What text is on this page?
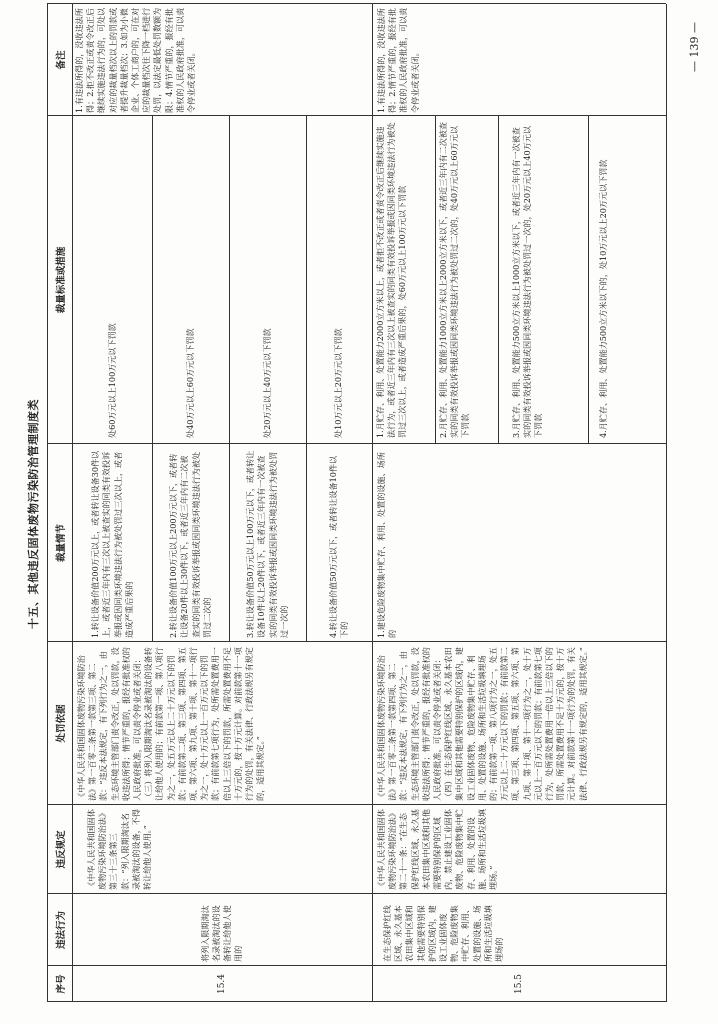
十五、其他违反固体废物污染防治管理制度类
序号
违法行为
违反规定
处罚依据
裁量情节
裁量标准或措施
备注
15.4
将列入限期淘汰名录被淘汰的设备转让给他人使用的
《中华人民共和国固体废物污染环境防治法》第三十三条第三款：“列入限期淘汰名录被淘汰的设备，不得转让给他人使用。”
《中华人民共和国固体废物污染环境防治法》第一百零二条第一款第三项、第二款：“违反本法规定，有下列行为之一，由生态环境主管部门责令改正，处以罚款，没收违法所得；情节严重的，报经有批准权的人民政府批准，可以责令停业或者关闭：（三）将列入限期淘汰名录被淘汰的设备转让给他人使用的；有前款第一项、第八项行为之一，处五万元以上二十万元以下的罚款；有前款第二项、第三项、第四项、第五项、第六项、第九项、第十项、第十一项行为之一，处十万元以上一百万元以下的罚款；有前款第七项行为，处所需处置费用一倍以上三倍以下的罚款，所需处置费用不足十万元的，按十万元计算。对前款第十一项行为的处罚，有关法律、行政法规另有规定的，适用其规定。”
1.转让设备价值200万元以上，或者转让设备30件以上，或者近三年内有三次以上被查实的同类有效投诉举报或因同类环境违法行为被处罚过三次以上，或者造成严重后果的	2.转让设备价值100万元以上200万元以下，或者转让设备20件以上30件以下，或者近三年内有二次被查实的同类有效投诉举报或因同类环境违法行为被处罚过二次的	3.转让设备价值50万元以上100万元以下，或者转让设备10件以上20件以下，或者近三年内有一次被查实的同类有效投诉举报或因同类环境违法行为被处罚过一次的	4.转让设备价值50万元以下，或者转让设备10件以下的
处60万元以上100万元以下罚款	处40万元以上60万元以下罚款	处20万元以上40万元以下罚款	处10万元以上20万元以下罚款
1.有违法所得的，没收违法所得；2.拒不改正或责令改正后继续实施违法行为的，可处以对应的裁量档次以上的罚款或者提升裁量档次；3.如为小微企业、个体工商户的，可在对应的裁量档次往下降一档进行处罚，以法定最低处罚数额为限；4.情节严重的，报经有批准权的人民政府批准，可以责令停业或者关闭。
15.5
在生态保护红线区域、永久基本农田集中区域和其他需要特别保护的区域内，建设工业固体废物、危险废物集中贮存、利用、处置的设施、场所和生活垃圾填埋场的
《中华人民共和国固体废物污染环境防治法》第二十一条：“在生态保护红线区域、永久基本农田集中区域和其他需要特别保护的区域内，禁止建设工业固体废物、危险废物集中贮存、利用、处置的设施、场所和生活垃圾填埋场。”
《中华人民共和国固体废物污染环境防治法》第一百零二条第一款第四项、第二款：“违反本法规定，有下列行为之一，由生态环境主管部门责令改正，处以罚款，没收违法所得；情节严重的，报经有批准权的人民政府批准，可以责令停业或者关闭：（四）在生态保护红线区域、永久基本农田集中区域和其他需要特别保护的区域内，建设工业固体废物、危险废物集中贮存、利用、处置的设施、场所和生活垃圾填埋场的；有前款第一项、第八项行为之一，处五万元以上二十万元以下的罚款；有前款第二项、第三项、第四项、第五项、第六项、第九项、第十项、第十一项行为之一，处十万元以上一百万元以下的罚款；有前款第七项行为，处所需处置费用一倍以上三倍以下的罚款，所需处置费用不足十万元的，按十万元计算。对前款第十一项行为的处罚，有关法律、行政法规另有规定的，适用其规定。”
1.建设危险废物集中贮存、利用、处置的设施、场所的
1.月贮存、利用、处置能力2000立方米以上，或者拒不改正或者责令改正后继续实施违法行为，或者近三年内有三次以上被查实的同类有效投诉举报或因同类环境违法行为被处罚过三次以上，或者造成严重后果的，处60万元以上100万元以下罚款	2.月贮存、利用、处置能力1000立方米以上2000立方米以下，或者近三年内有二次被查实的同类有效投诉举报或因同类环境违法行为被处罚过二次的，处40万元以上60万元以下罚款	3.月贮存、利用、处置能力500立方米以上1000立方米以下，或者近三年内有一次被查实的同类有效投诉举报或因同类环境违法行为被处罚过一次的，处20万元以上40万元以下罚款	4.月贮存、利用、处置能力500立方米以下的，处10万元以上20万元以下罚款
1.有违法所得的，没收违法所得；2.情节严重的，报经有批准权的人民政府批准，可以责令停业或者关闭。
— 139 —
